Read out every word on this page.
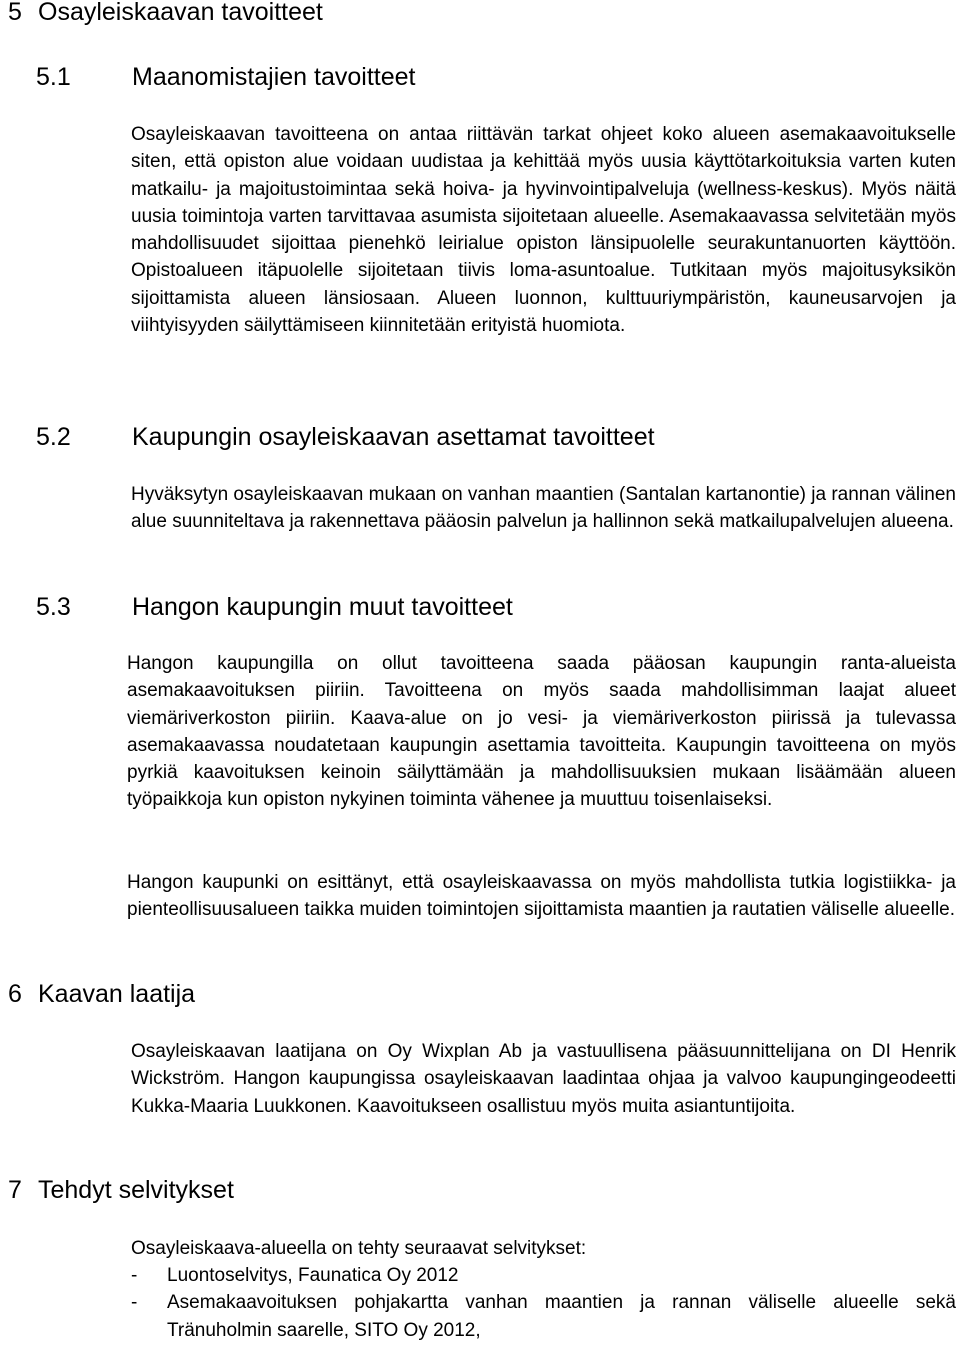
5 Osayleiskaavan tavoitteet
5.1 Maanomistajien tavoitteet

Osayleiskaavan tavoitteena on antaa riittävän tarkat ohjeet koko alueen asemakaavoitukselle siten, että opiston alue voidaan uudistaa ja kehittää myös uusia käyttötarkoituksia varten kuten matkailu- ja majoitustoimintaa sekä hoiva- ja hyvinvointipalveluja (wellness-keskus). Myös näitä uusia toimintoja varten tarvittavaa asumista sijoitetaan alueelle. Asemakaavassa selvitetään myös mahdollisuudet sijoittaa pienehkö leirialue opiston länsipuolelle seurakuntanuorten käyttöön. Opistoalueen itäpuolelle sijoitetaan tiivis loma-asuntoalue. Tutkitaan myös majoitusyksikön sijoittamista alueen länsiosaan. Alueen luonnon, kulttuuriympäristön, kauneusarvojen ja viihtyisyyden säilyttämiseen kiinnitetään erityistä huomiota.

5.2 Kaupungin osayleiskaavan asettamat tavoitteet

Hyväksytyn osayleiskaavan mukaan on vanhan maantien (Santalan kartanontie) ja rannan välinen alue suunniteltava ja rakennettava pääosin palvelun ja hallinnon sekä matkailupalvelujen alueena.

5.3 Hangon kaupungin muut tavoitteet

Hangon kaupungilla on ollut tavoitteena saada pääosan kaupungin ranta-alueista asemakaavoituksen piiriin. Tavoitteena on myös saada mahdollisimman laajat alueet viemäriverkoston piiriin. Kaava-alue on jo vesi- ja viemäriverkoston piirissä ja tulevassa asemakaavassa noudatetaan kaupungin asettamia tavoitteita. Kaupungin tavoitteena on myös pyrkiä kaavoituksen keinoin säilyttämään ja mahdollisuuksien mukaan lisäämään alueen työpaikkoja kun opiston nykyinen toiminta vähenee ja muuttuu toisenlaiseksi.

Hangon kaupunki on esittänyt, että osayleiskaavassa on myös mahdollista tutkia logistiikka- ja pienteollisuusalueen taikka muiden toimintojen sijoittamista maantien ja rautatien väliselle alueelle.

6 Kaavan laatija

Osayleiskaavan laatijana on Oy Wixplan Ab ja vastuullisena pääsuunnittelijana on DI Henrik Wickström. Hangon kaupungissa osayleiskaavan laadintaa ohjaa ja valvoo kaupungingeodeetti Kukka-Maaria Luukkonen. Kaavoitukseen osallistuu myös muita asiantuntijoita.

7 Tehdyt selvitykset

Osayleiskaava-alueella on tehty seuraavat selvitykset:

- Luontoselvitys, Faunatica Oy 2012
- Asemakaavoituksen pohjakartta vanhan maantien ja rannan väliselle alueelle sekä Tränuholmin saarelle, SITO Oy 2012,
